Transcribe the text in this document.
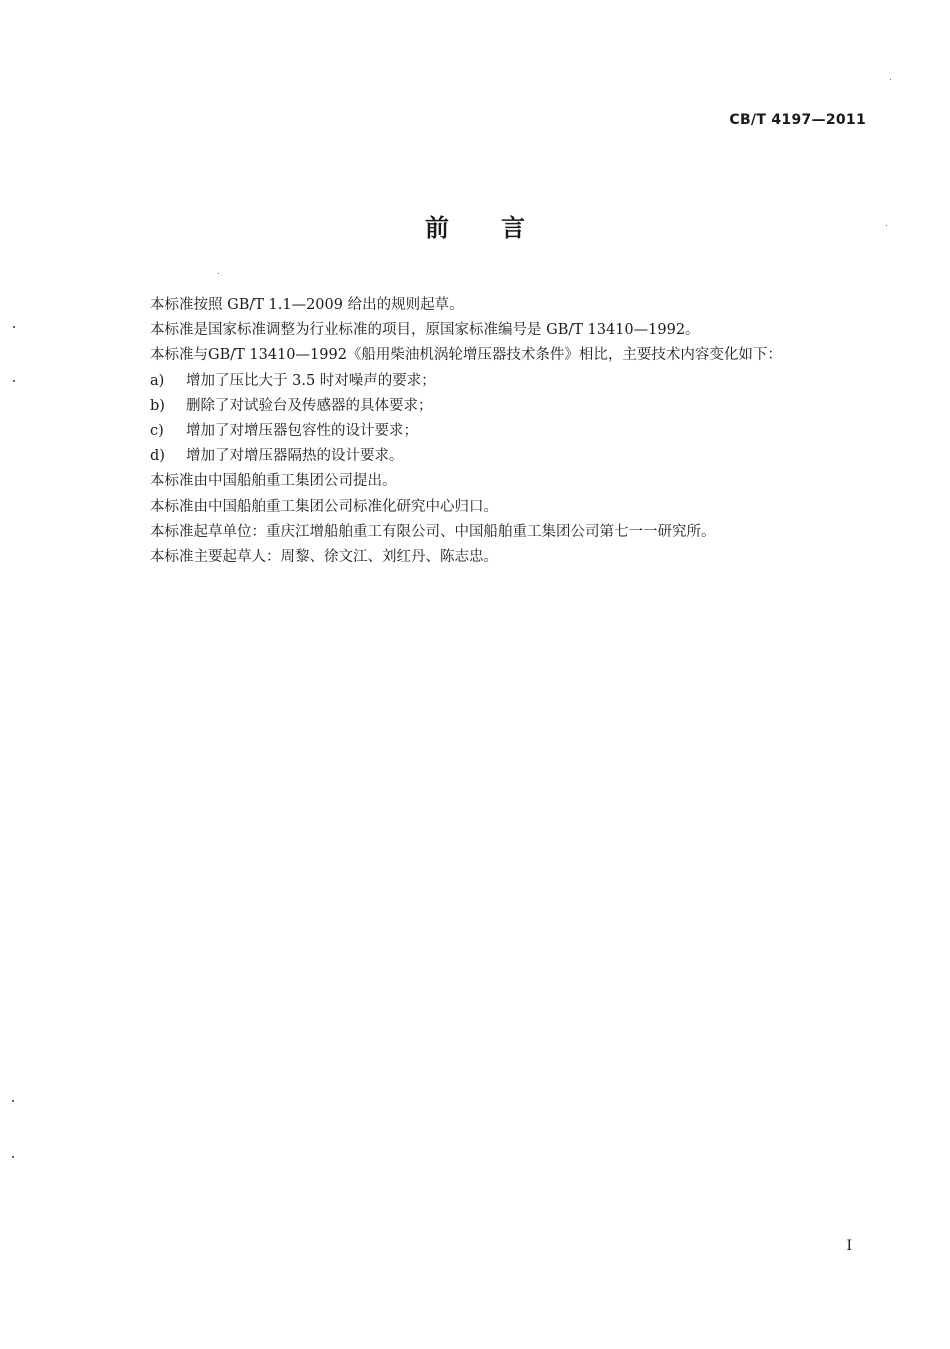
CB/T 4197—2011
前言
本标准按照 GB/T 1.1—2009 给出的规则起草。
本标准是国家标准调整为行业标准的项目，原国家标准编号是 GB/T 13410—1992。
本标准与GB/T 13410—1992《船用柴油机涡轮增压器技术条件》相比，主要技术内容变化如下：
a)	增加了压比大于 3.5 时对噪声的要求；
b)	删除了对试验台及传感器的具体要求；
c)	增加了对增压器包容性的设计要求；
d)	增加了对增压器隔热的设计要求。
本标准由中国船舶重工集团公司提出。
本标准由中国船舶重工集团公司标准化研究中心归口。
本标准起草单位：重庆江增船舶重工有限公司、中国船舶重工集团公司第七一一研究所。
本标准主要起草人：周黎、徐文江、刘红丹、陈志忠。
I
